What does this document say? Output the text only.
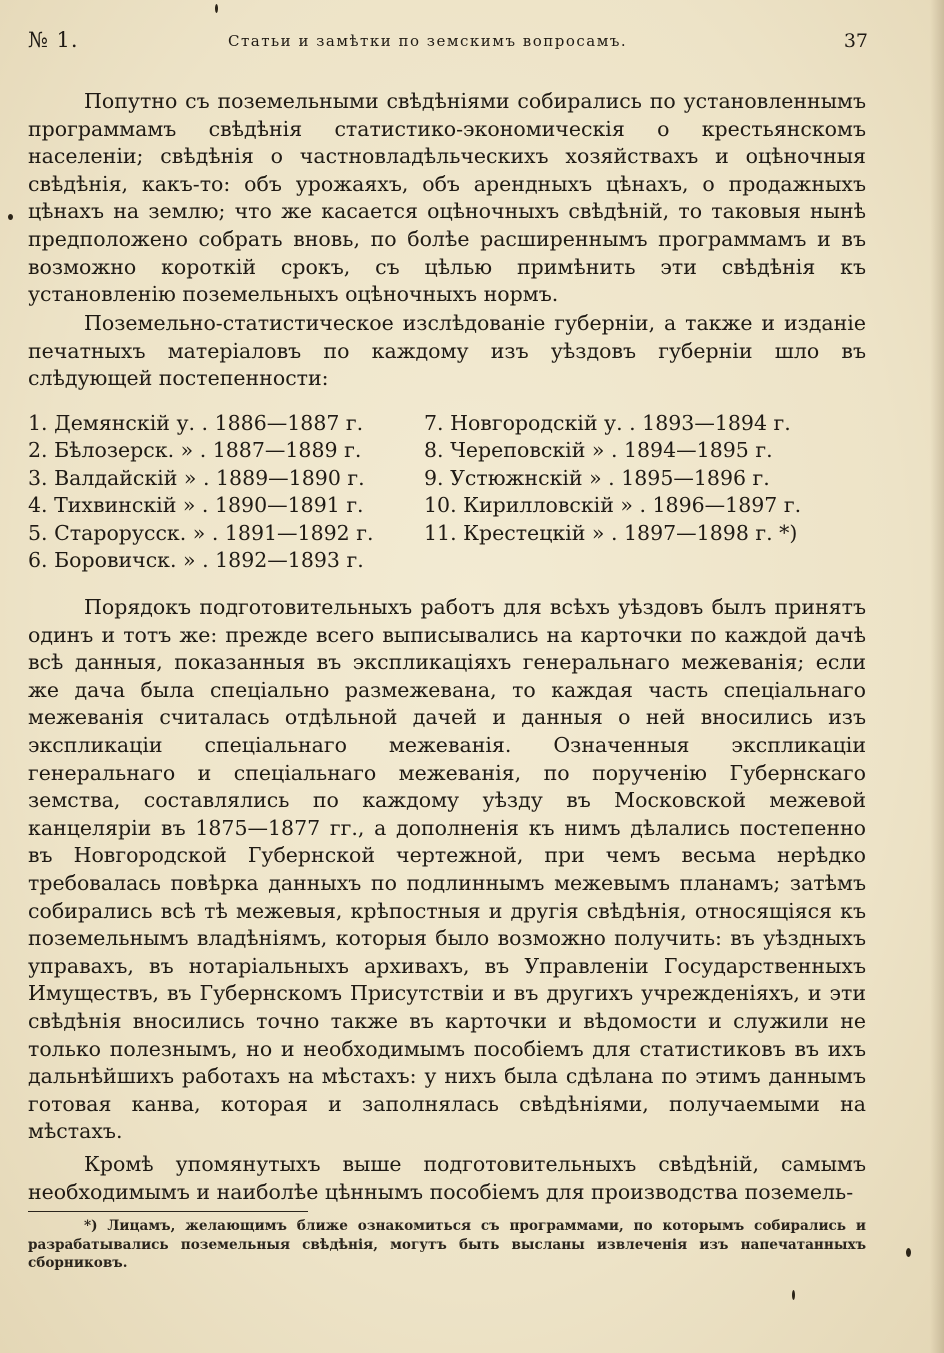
№ 1.	Статьи и замѣтки по земскимъ вопросамъ.	37

Попутно съ поземельными свѣдѣніями собирались по установленнымъ программамъ свѣдѣнія статистико-экономическія о крестьянскомъ населеніи; свѣдѣнія о частновладѣльческихъ хозяйствахъ и оцѣночныя свѣдѣнія, какъ-то: объ урожаяхъ, объ арендныхъ цѣнахъ, о продажныхъ цѣнахъ на землю; что же касается оцѣночныхъ свѣдѣній, то таковыя нынѣ предположено собрать вновь, по болѣе расширеннымъ программамъ и въ возможно короткій срокъ, съ цѣлью примѣнить эти свѣдѣнія къ установленію поземельныхъ оцѣночныхъ нормъ.

Поземельно-статистическое изслѣдованіе губерніи, а также и изданіе печатныхъ матеріаловъ по каждому изъ уѣздовъ губерніи шло въ слѣдующей постепенности:

1. Демянскій у. . 1886—1887 г.	7. Новгородскій у. . 1893—1894 г.
2. Бѣлозерск. » . 1887—1889 г.	8. Череповскій » . 1894—1895 г.
3. Валдайскій » . 1889—1890 г.	9. Устюжнскій » . 1895—1896 г.
4. Тихвинскій » . 1890—1891 г.	10. Кирилловскій » . 1896—1897 г.
5. Старорусск. » . 1891—1892 г. 11. Крестецкій » . 1897—1898 г. *)
6. Боровичск. » . 1892—1893 г.

Порядокъ подготовительныхъ работъ для всѣхъ уѣздовъ былъ принятъ одинъ и тотъ же: прежде всего выписывались на карточки по каждой дачѣ всѣ данныя, показанныя въ экспликаціяхъ генеральнаго межеванія; если же дача была спеціально размежевана, то каждая часть спеціальнаго межеванія считалась отдѣльной дачей и данныя о ней вносились изъ экспликаціи спеціальнаго межеванія. Означенныя экспликаціи генеральнаго и спеціальнаго межеванія, по порученію Губернскаго земства, составлялись по каждому уѣзду въ Московской межевой канцеляріи въ 1875—1877 гг., а дополненія къ нимъ дѣлались постепенно въ Новгородской Губернской чертежной, при чемъ весьма нерѣдко требовалась повѣрка данныхъ по подлиннымъ межевымъ планамъ; затѣмъ собирались всѣ тѣ межевыя, крѣпостныя и другія свѣдѣнія, относящіяся къ поземельнымъ владѣніямъ, которыя было возможно получить: въ уѣздныхъ управахъ, въ нотаріальныхъ архивахъ, въ Управленіи Государственныхъ Имуществъ, въ Губернскомъ Присутствіи и въ другихъ учрежденіяхъ, и эти свѣдѣнія вносились точно также въ карточки и вѣдомости и служили не только полезнымъ, но и необходимымъ пособіемъ для статистиковъ въ ихъ дальнѣйшихъ работахъ на мѣстахъ: у нихъ была сдѣлана по этимъ даннымъ готовая канва, которая и заполнялась свѣдѣніями, получаемыми на мѣстахъ.

Кромѣ упомянутыхъ выше подготовительныхъ свѣдѣній, самымъ необходимымъ и наиболѣе цѣннымъ пособіемъ для производства поземель-

*) Лицамъ, желающимъ ближе ознакомиться съ программами, по которымъ собирались и разрабатывались поземельныя свѣдѣнія, могутъ быть высланы извлеченія изъ напечатанныхъ сборниковъ.
